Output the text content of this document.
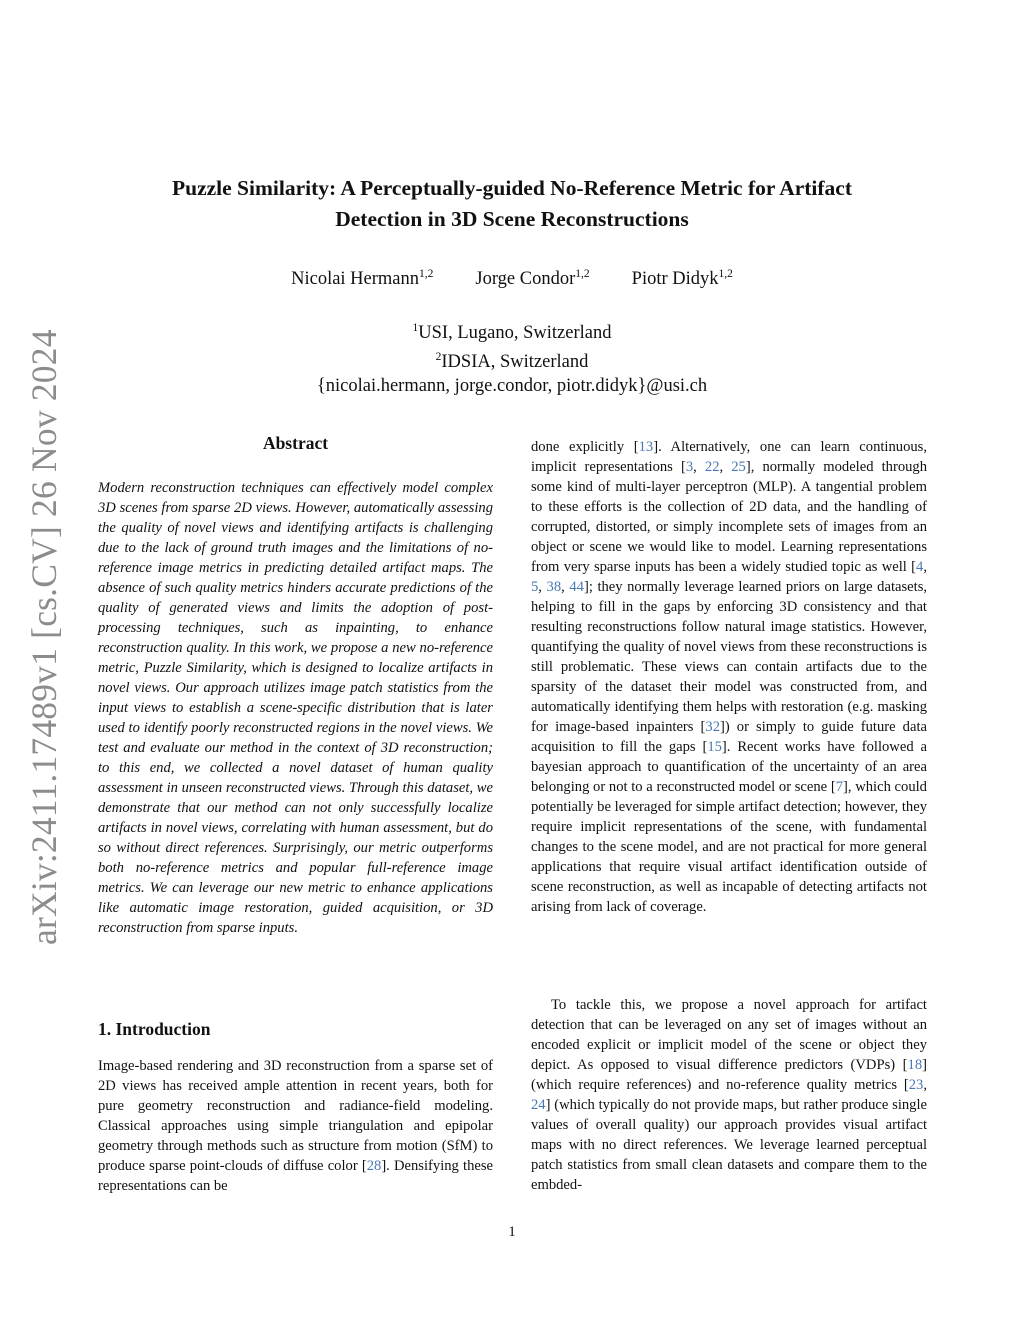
arXiv:2411.17489v1 [cs.CV] 26 Nov 2024
Puzzle Similarity: A Perceptually-guided No-Reference Metric for Artifact
Detection in 3D Scene Reconstructions
Nicolai Hermann$^{1,2}$ Jorge Condor$^{1,2}$ Piotr Didyk$^{1,2}$
$^1$USI, Lugano, Switzerland
$^2$IDSIA, Switzerland
{nicolai.hermann, jorge.condor, piotr.didyk}@usi.ch
Abstract

Modern reconstruction techniques can effectively model complex 3D scenes from sparse 2D views. However, automatically assessing the quality of novel views and identifying artifacts is challenging due to the lack of ground truth images and the limitations of no-reference image metrics in predicting detailed artifact maps. The absence of such quality metrics hinders accurate predictions of the quality of generated views and limits the adoption of post-processing techniques, such as inpainting, to enhance reconstruction quality. In this work, we propose a new no-reference metric, Puzzle Similarity, which is designed to localize artifacts in novel views. Our approach utilizes image patch statistics from the input views to establish a scene-specific distribution that is later used to identify poorly reconstructed regions in the novel views. We test and evaluate our method in the context of 3D reconstruction; to this end, we collected a novel dataset of human quality assessment in unseen reconstructed views. Through this dataset, we demonstrate that our method can not only successfully localize artifacts in novel views, correlating with human assessment, but do so without direct references. Surprisingly, our metric outperforms both no-reference metrics and popular full-reference image metrics. We can leverage our new metric to enhance applications like automatic image restoration, guided acquisition, or 3D reconstruction from sparse inputs.

1. Introduction

Image-based rendering and 3D reconstruction from a sparse set of 2D views has received ample attention in recent years, both for pure geometry reconstruction and radiance-field modeling. Classical approaches using simple triangulation and epipolar geometry through methods such as structure from motion (SfM) to produce sparse point-clouds of diffuse color [28]. Densifying these representations can be

done explicitly [13]. Alternatively, one can learn continuous, implicit representations [3, 22, 25], normally modeled through some kind of multi-layer perceptron (MLP). A tangential problem to these efforts is the collection of 2D data, and the handling of corrupted, distorted, or simply incomplete sets of images from an object or scene we would like to model. Learning representations from very sparse inputs has been a widely studied topic as well [4, 5, 38, 44]; they normally leverage learned priors on large datasets, helping to fill in the gaps by enforcing 3D consistency and that resulting reconstructions follow natural image statistics. However, quantifying the quality of novel views from these reconstructions is still problematic. These views can contain artifacts due to the sparsity of the dataset their model was constructed from, and automatically identifying them helps with restoration (e.g. masking for image-based inpainters [32]) or simply to guide future data acquisition to fill the gaps [15]. Recent works have followed a bayesian approach to quantification of the uncertainty of an area belonging or not to a reconstructed model or scene [7], which could potentially be leveraged for simple artifact detection; however, they require implicit representations of the scene, with fundamental changes to the scene model, and are not practical for more general applications that require visual artifact identification outside of scene reconstruction, as well as incapable of detecting artifacts not arising from lack of coverage.

To tackle this, we propose a novel approach for artifact detection that can be leveraged on any set of images without an encoded explicit or implicit model of the scene or object they depict. As opposed to visual difference predictors (VDPs) [18] (which require references) and no-reference quality metrics [23, 24] (which typically do not provide maps, but rather produce single values of overall quality) our approach provides visual artifact maps with no direct references. We leverage learned perceptual patch statistics from small clean datasets and compare them to the embded-

1
